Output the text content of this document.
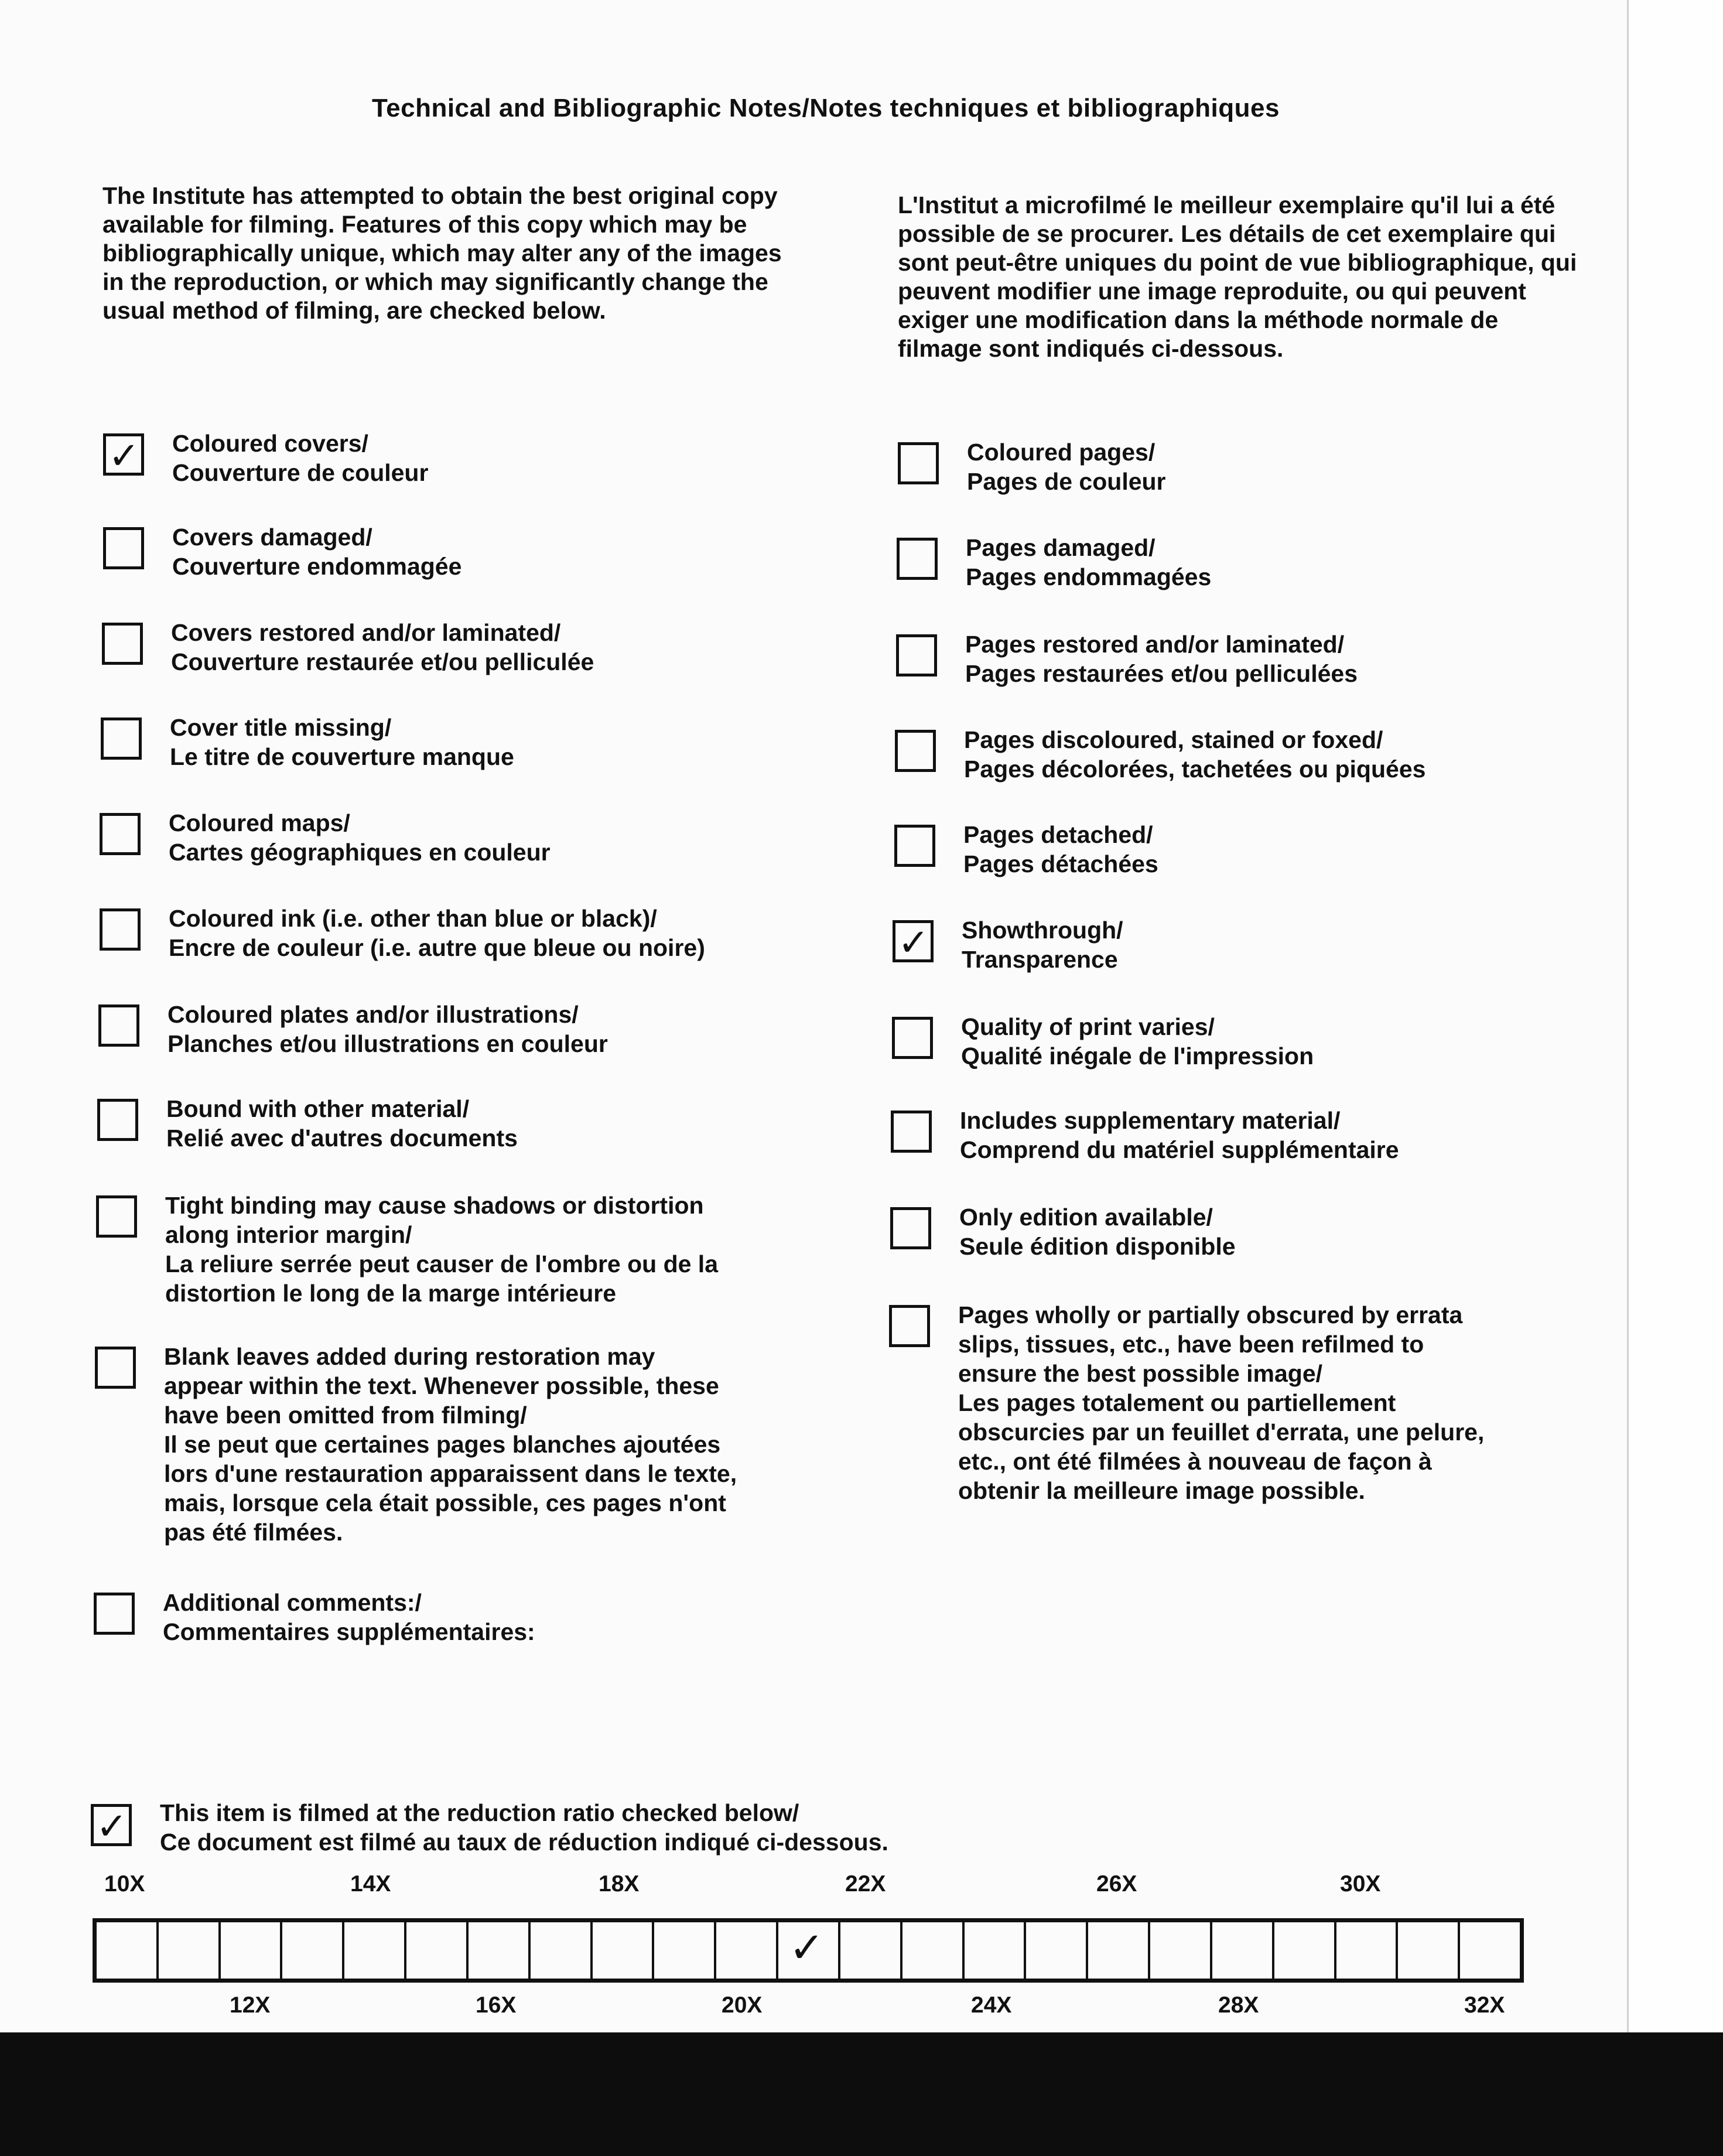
Technical and Bibliographic Notes/Notes techniques et bibliographiques
The Institute has attempted to obtain the best original copy available for filming. Features of this copy which may be bibliographically unique, which may alter any of the images in the reproduction, or which may significantly change the usual method of filming, are checked below.
L'Institut a microfilmé le meilleur exemplaire qu'il lui a été possible de se procurer. Les détails de cet exemplaire qui sont peut-être uniques du point de vue bibliographique, qui peuvent modifier une image reproduite, ou qui peuvent exiger une modification dans la méthode normale de filmage sont indiqués ci-dessous.
✓ Coloured covers/
Couverture de couleur
Covers damaged/
Couverture endommagée
Covers restored and/or laminated/
Couverture restaurée et/ou pelliculée
Cover title missing/
Le titre de couverture manque
Coloured maps/
Cartes géographiques en couleur
Coloured ink (i.e. other than blue or black)/
Encre de couleur (i.e. autre que bleue ou noire)
Coloured plates and/or illustrations/
Planches et/ou illustrations en couleur
Bound with other material/
Relié avec d'autres documents
Tight binding may cause shadows or distortion
along interior margin/
La reliure serrée peut causer de l'ombre ou de la
distortion le long de la marge intérieure
Blank leaves added during restoration may
appear within the text. Whenever possible, these
have been omitted from filming/
Il se peut que certaines pages blanches ajoutées
lors d'une restauration apparaissent dans le texte,
mais, lorsque cela était possible, ces pages n'ont
pas été filmées.
Additional comments:/
Commentaires supplémentaires:
Coloured pages/
Pages de couleur
Pages damaged/
Pages endommagées
Pages restored and/or laminated/
Pages restaurées et/ou pelliculées
Pages discoloured, stained or foxed/
Pages décolorées, tachetées ou piquées
Pages detached/
Pages détachées
✓ Showthrough/
Transparence
Quality of print varies/
Qualité inégale de l'impression
Includes supplementary material/
Comprend du matériel supplémentaire
Only edition available/
Seule édition disponible
Pages wholly or partially obscured by errata
slips, tissues, etc., have been refilmed to
ensure the best possible image/
Les pages totalement ou partiellement
obscurcies par un feuillet d'errata, une pelure,
etc., ont été filmées à nouveau de façon à
obtenir la meilleure image possible.
✓ This item is filmed at the reduction ratio checked below/
Ce document est filmé au taux de réduction indiqué ci-dessous.
10X	14X	18X	22X	26X	30X
✓
12X	16X	20X	24X	28X	32X
